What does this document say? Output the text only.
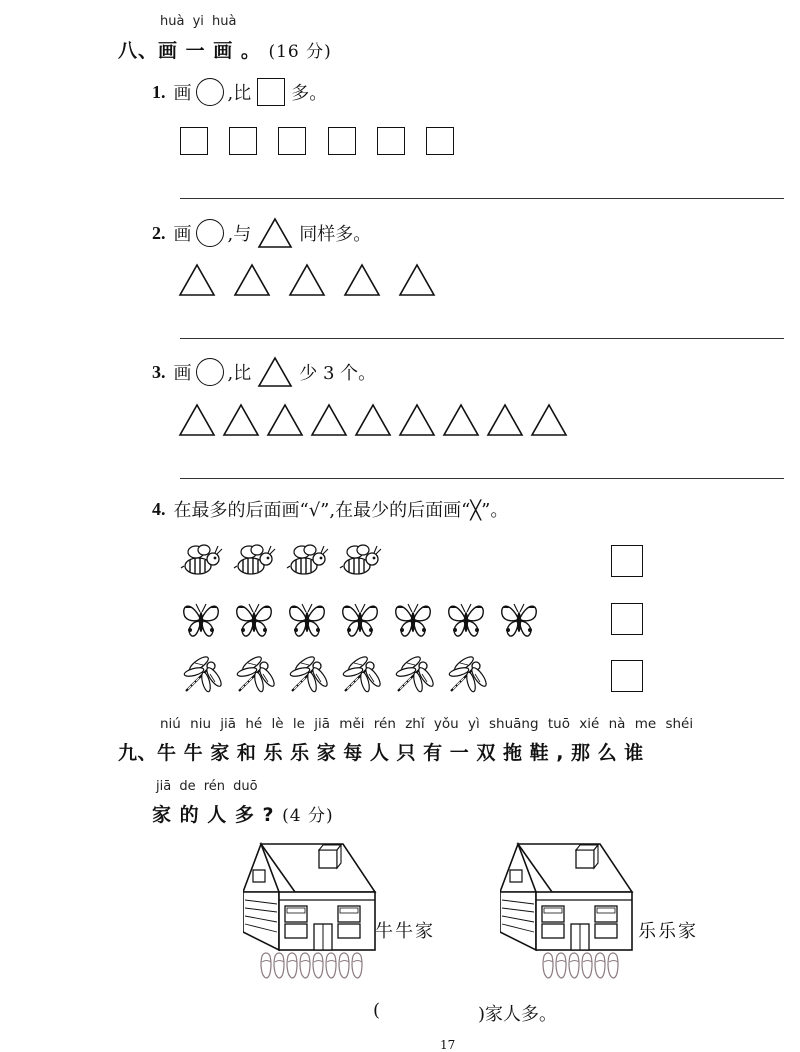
huà yi huà
八、画 一 画 。 (16 分)
1. 画 ,比 多。
2. 画 ,与	同样多。
3. 画 ,比	少 3 个。
4. 在最多的后面画“√”,在最少的后面画“╳”。
niú niu jiā hé lè le jiā měi rén zhǐ yǒu yì shuāng tuō xié nà me shéi
九、牛 牛 家 和 乐 乐 家 每 人 只 有 一 双 拖 鞋 , 那 么 谁
jiā de rén duō
家 的 人 多 ? (4 分)
牛牛家	乐乐家
(	)家人多。
17
